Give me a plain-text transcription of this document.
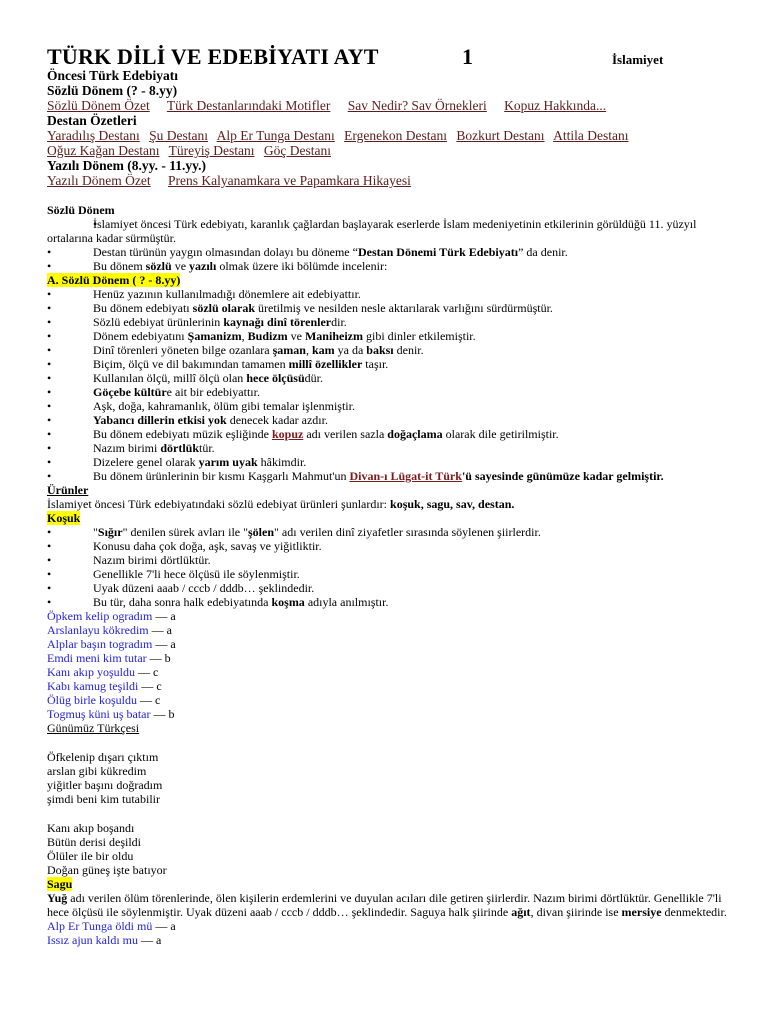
TÜRK DİLİ VE EDEBİYATI AYT	1	İslamiyet
Öncesi Türk Edebiyatı
Sözlü Dönem (? - 8.yy)
Sözlü Dönem Özet Türk Destanlarındaki Motifler Sav Nedir? Sav Örnekleri Kopuz Hakkında...
Destan Özetleri
Yaradılış Destanı Şu Destanı Alp Er Tunga Destanı Ergenekon Destanı Bozkurt Destanı Attila Destanı
Oğuz Kağan Destanı Türeyiş Destanı Göç Destanı
Yazılı Dönem (8.yy. - 11.yy.)
Yazılı Dönem Özet Prens Kalyanamkara ve Papamkara Hikayesi
Sözlü Dönem
• İslamiyet öncesi Türk edebiyatı, karanlık çağlardan başlayarak eserlerde İslam medeniyetinin etkilerinin görüldüğü 11. yüzyıl ortalarına kadar sürmüştür.
• Destan türünün yaygın olmasından dolayı bu döneme “Destan Dönemi Türk Edebiyatı” da denir.
• Bu dönem sözlü ve yazılı olmak üzere iki bölümde incelenir:
A. Sözlü Dönem ( ? - 8.yy)
• Henüz yazının kullanılmadığı dönemlere ait edebiyattır.
• Bu dönem edebiyatı sözlü olarak üretilmiş ve nesilden nesle aktarılarak varlığını sürdürmüştür.
• Sözlü edebiyat ürünlerinin kaynağı dinî törenlerdir.
• Dönem edebiyatını Şamanizm, Budizm ve Maniheizm gibi dinler etkilemiştir.
• Dinî törenleri yöneten bilge ozanlara şaman, kam ya da baksı denir.
• Biçim, ölçü ve dil bakımından tamamen millî özellikler taşır.
• Kullanılan ölçü, millî ölçü olan hece ölçüsüdür.
• Göçebe kültüre ait bir edebiyattır.
• Aşk, doğa, kahramanlık, ölüm gibi temalar işlenmiştir.
• Yabancı dillerin etkisi yok denecek kadar azdır.
• Bu dönem edebiyatı müzik eşliğinde kopuz adı verilen sazla doğaçlama olarak dile getirilmiştir.
• Nazım birimi dörtlüktür.
• Dizelere genel olarak yarım uyak hâkimdir.
• Bu dönem ürünlerinin bir kısmı Kaşgarlı Mahmut'un Divan-ı Lügat-it Türk'ü sayesinde günümüze kadar gelmiştir.
Ürünler
İslamiyet öncesi Türk edebiyatındaki sözlü edebiyat ürünleri şunlardır: koşuk, sagu, sav, destan.
Koşuk
• "Sığır" denilen sürek avları ile "şölen" adı verilen dinî ziyafetler sırasında söylenen şiirlerdir.
• Konusu daha çok doğa, aşk, savaş ve yiğitliktir.
• Nazım birimi dörtlüktür.
• Genellikle 7'li hece ölçüsü ile söylenmiştir.
• Uyak düzeni aaab / cccb / dddb… şeklindedir.
• Bu tür, daha sonra halk edebiyatında koşma adıyla anılmıştır.
Öpkem kelip ogradım — a
Arslanlayu kökredim — a
Alplar başın togradım — a
Emdi meni kim tutar — b
Kanı akıp yoşuldu — c
Kabı kamug teşildi — c
Ölüg birle koşuldu — c
Togmuş küni uş batar — b
Günümüz Türkçesi
Öfkelenip dışarı çıktım
arslan gibi kükredim
yiğitler başını doğradım
şimdi beni kim tutabilir
Kanı akıp boşandı
Bütün derisi deşildi
Ölüler ile bir oldu
Doğan güneş işte batıyor
Sagu
Yuğ adı verilen ölüm törenlerinde, ölen kişilerin erdemlerini ve duyulan acıları dile getiren şiirlerdir. Nazım birimi dörtlüktür. Genellikle 7'li hece ölçüsü ile söylenmiştir. Uyak düzeni aaab / cccb / dddb… şeklindedir. Saguya halk şiirinde ağıt, divan şiirinde ise mersiye denmektedir.
Alp Er Tunga öldi mü — a
Issız ajun kaldı mu — a
